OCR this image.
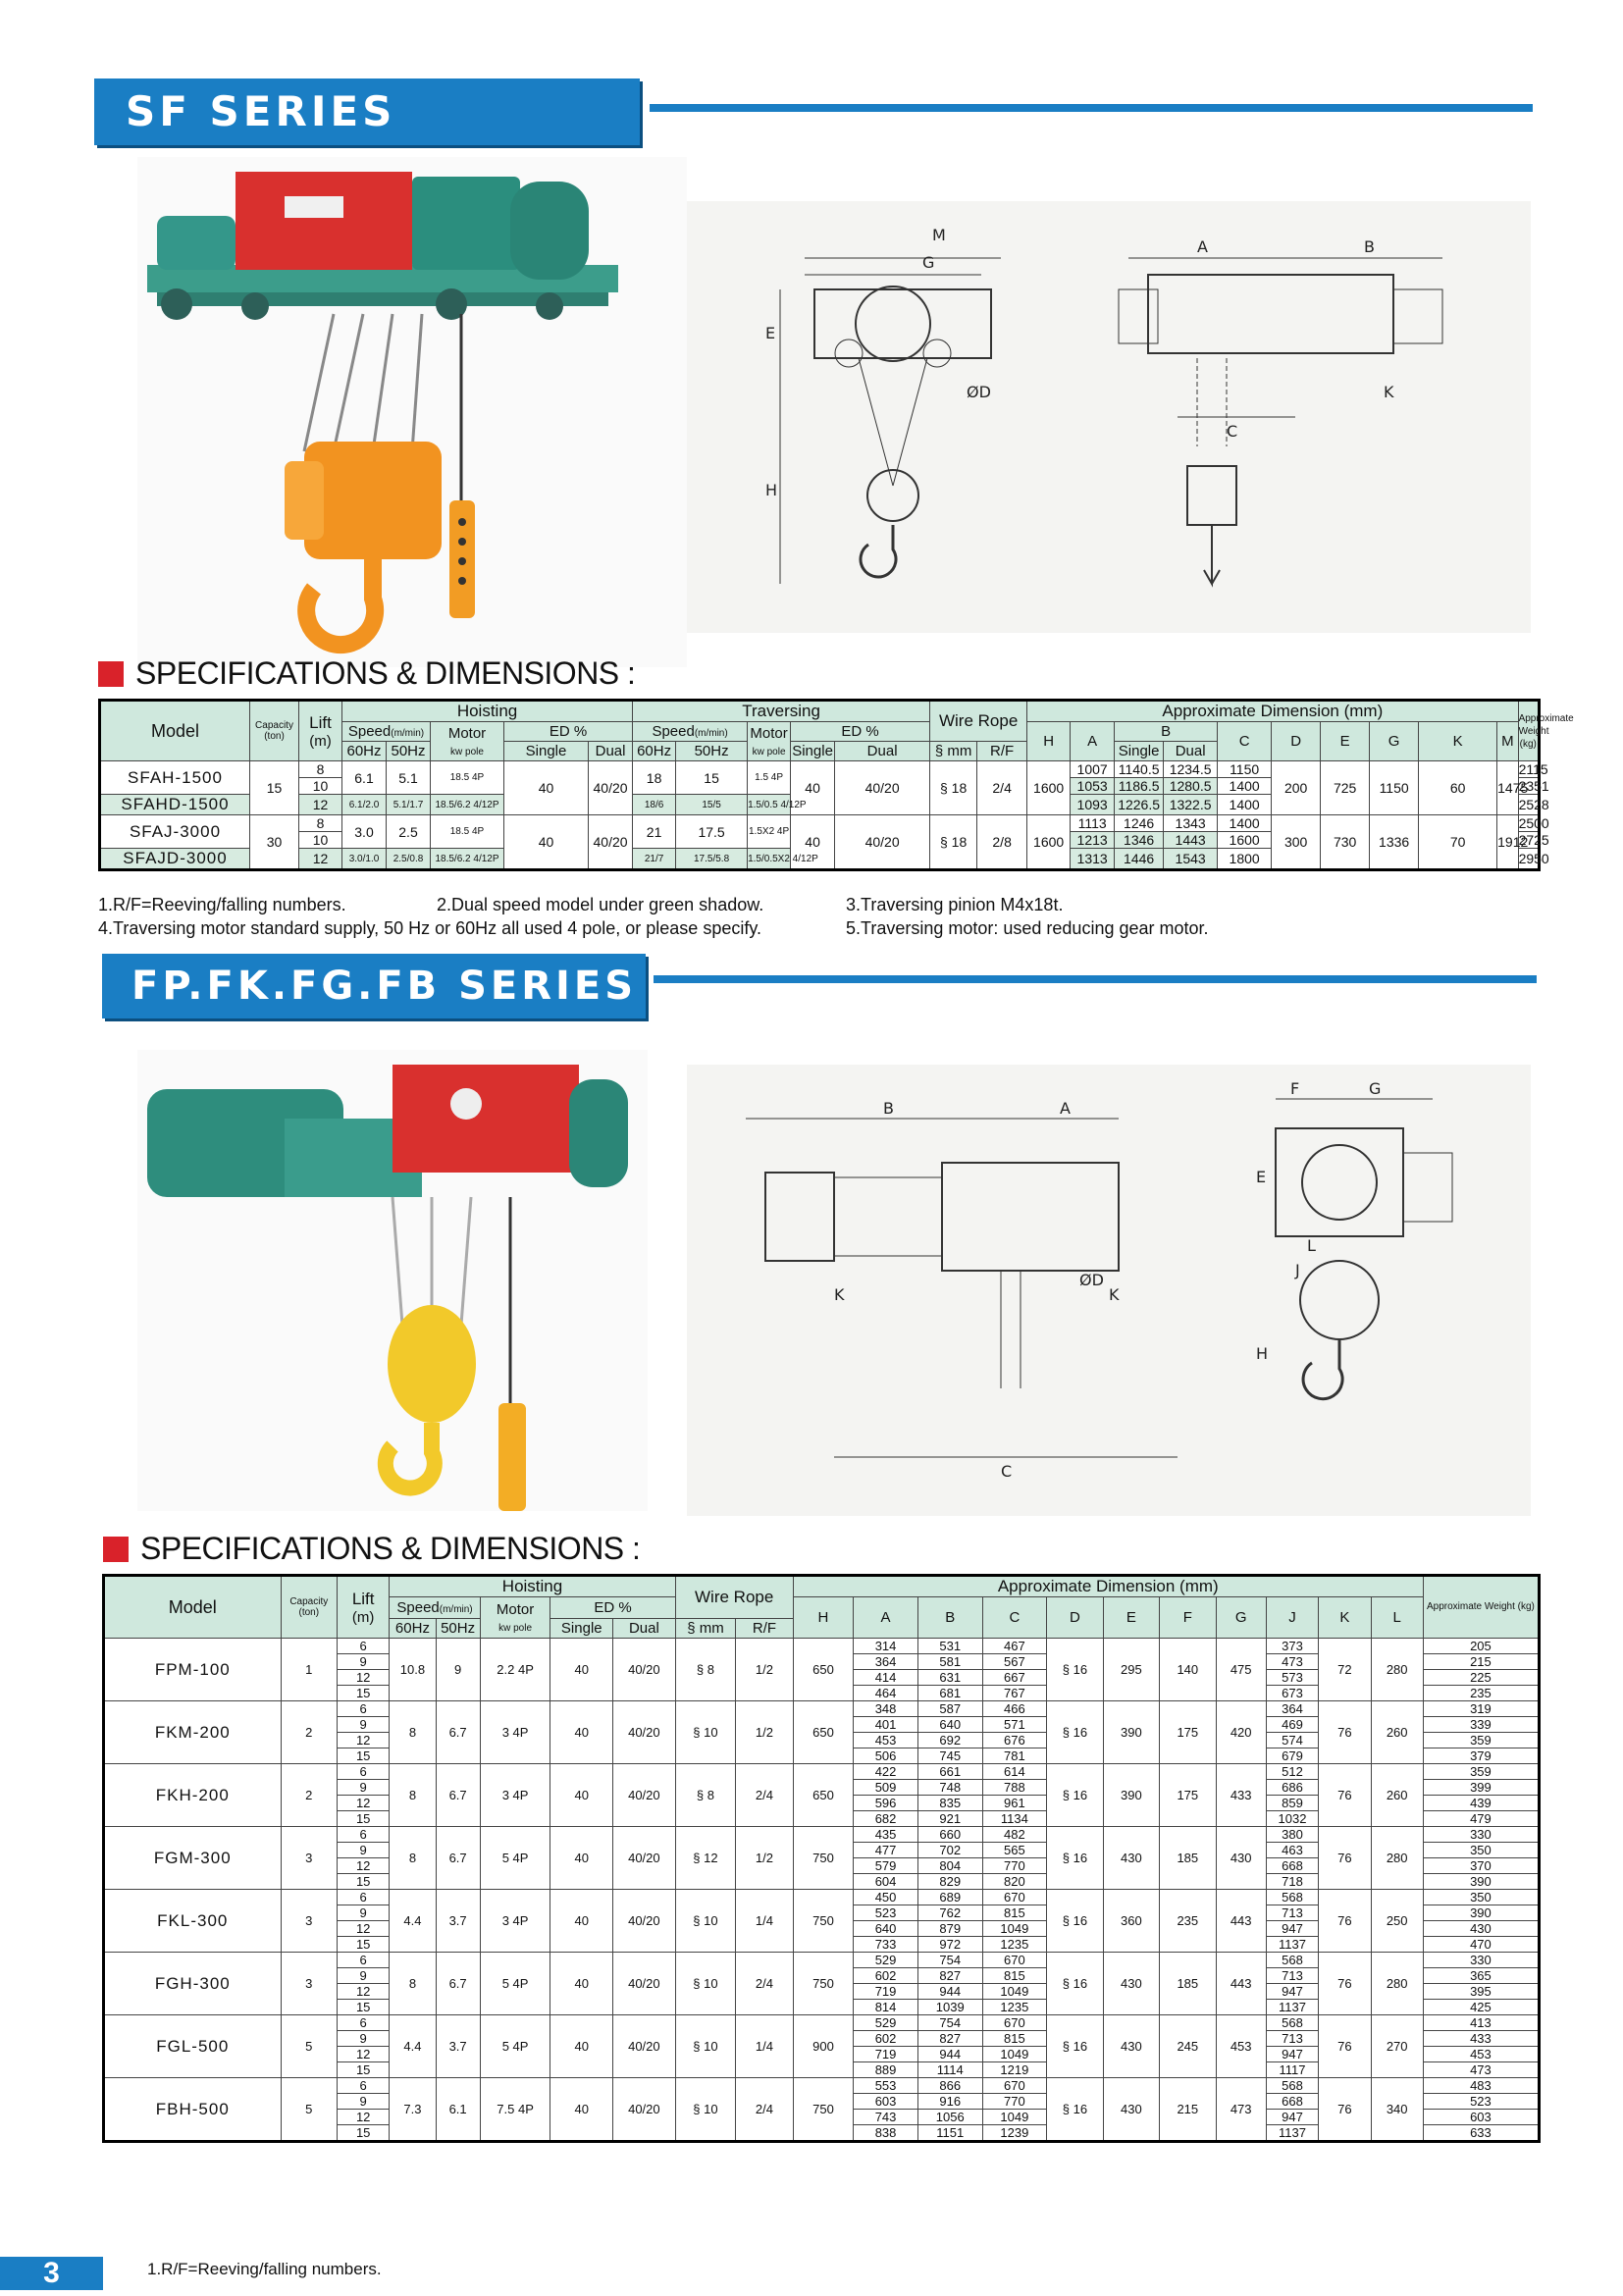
SF SERIES
M
G
E
H
ØD
A	B
C
K
SPECIFICATIONS & DIMENSIONS :
Model	Capacity
(ton)	Lift
(m)	Hoisting					Traversing					Wire Rope		Approximate Dimension (mm)										Approximate Weight (kg)
			Speed(m/min)		Motor
kw pole	ED %		Speed(m/min)		Motor
kw pole	ED %				H	A	B		C	D	E	G	K	M	
			60Hz	50Hz		Single	Dual	60Hz	50Hz		Single	Dual	§ mm	R/F			Single	Dual							
SFAH-1500	15	8	6.1	5.1	18.5 4P	40	40/20	18	15	1.5 4P	40	40/20	§ 18	2/4	1600	1007	1140.5	1234.5	1150	200	725	1150	60	1475	2115
		10														1053	1186.5	1280.5	1400						2351
SFAHD-1500		12	6.1/2.0	5.1/1.7	18.5/6.2 4/12P			18/6	15/5	1.5/0.5 4/12P						1093	1226.5	1322.5	1400						2528
SFAJ-3000	30	8	3.0	2.5	18.5 4P	40	40/20	21	17.5	1.5X2 4P	40	40/20	§ 18	2/8	1600	1113	1246	1343	1400	300	730	1336	70	1912	2500
		10														1213	1346	1443	1600						2725
SFAJD-3000		12	3.0/1.0	2.5/0.8	18.5/6.2 4/12P			21/7	17.5/5.8	1.5/0.5X2 4/12P						1313	1446	1543	1800						2950
1.R/F=Reeving/falling numbers.	2.Dual speed model under green shadow.	3.Traversing pinion M4x18t.
4.Traversing motor standard supply, 50 Hz or 60Hz all used 4 pole, or please specify.	5.Traversing motor: used reducing gear motor.
FP.FK.FG.FB SERIES
B	A
ØD
K	K
C
F	G
E
H
L
J
SPECIFICATIONS & DIMENSIONS :
Model	Capacity
(ton)	Lift
(m)	Hoisting					Wire Rope		Approximate Dimension (mm)											Approximate Weight (kg)
			Speed(m/min)		Motor
kw pole	ED %				H	A	B	C	D	E	F	G	J	K	L	
			60Hz	50Hz		Single	Dual	§ mm	R/F												
FPM-100	1	6	10.8	9	2.2 4P	40	40/20	§ 8	1/2	650	314	531	467	§ 16	295	140	475	373	72	280	205
		9									364	581	567					473			215
		12									414	631	667					573			225
		15									464	681	767					673			235
FKM-200	2	6	8	6.7	3 4P	40	40/20	§ 10	1/2	650	348	587	466	§ 16	390	175	420	364	76	260	319
		9									401	640	571					469			339
		12									453	692	676					574			359
		15									506	745	781					679			379
FKH-200	2	6	8	6.7	3 4P	40	40/20	§ 8	2/4	650	422	661	614	§ 16	390	175	433	512	76	260	359
		9									509	748	788					686			399
		12									596	835	961					859			439
		15									682	921	1134					1032			479
FGM-300	3	6	8	6.7	5 4P	40	40/20	§ 12	1/2	750	435	660	482	§ 16	430	185	430	380	76	280	330
		9									477	702	565					463			350
		12									579	804	770					668			370
		15									604	829	820					718			390
FKL-300	3	6	4.4	3.7	3 4P	40	40/20	§ 10	1/4	750	450	689	670	§ 16	360	235	443	568	76	250	350
		9									523	762	815					713			390
		12									640	879	1049					947			430
		15									733	972	1235					1137			470
FGH-300	3	6	8	6.7	5 4P	40	40/20	§ 10	2/4	750	529	754	670	§ 16	430	185	443	568	76	280	330
		9									602	827	815					713			365
		12									719	944	1049					947			395
		15									814	1039	1235					1137			425
FGL-500	5	6	4.4	3.7	5 4P	40	40/20	§ 10	1/4	900	529	754	670	§ 16	430	245	453	568	76	270	413
		9									602	827	815					713			433
		12									719	944	1049					947			453
		15									889	1114	1219					1117			473
FBH-500	5	6	7.3	6.1	7.5 4P	40	40/20	§ 10	2/4	750	553	866	670	§ 16	430	215	473	568	76	340	483
		9									603	916	770					668			523
		12									743	1056	1049					947			603
		15									838	1151	1239					1137			633
3	1.R/F=Reeving/falling numbers.
